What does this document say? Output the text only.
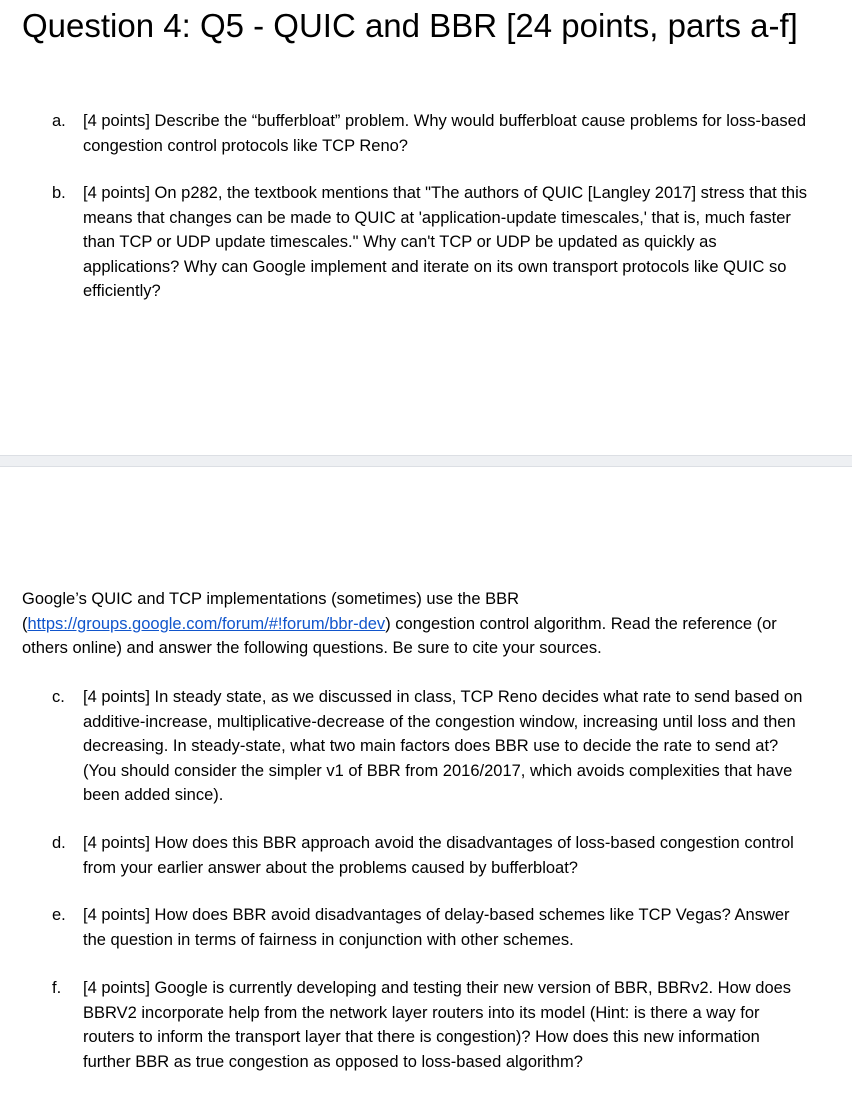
Question 4: Q5 - QUIC and BBR [24 points, parts a-f]
a.	[4 points] Describe the “bufferbloat” problem. Why would bufferbloat cause problems for loss-based congestion control protocols like TCP Reno?
b.	[4 points] On p282, the textbook mentions that "The authors of QUIC [Langley 2017] stress that this means that changes can be made to QUIC at 'application-update timescales,' that is, much faster than TCP or UDP update timescales." Why can't TCP or UDP be updated as quickly as applications? Why can Google implement and iterate on its own transport protocols like QUIC so efficiently?
Google’s QUIC and TCP implementations (sometimes) use the BBR (https://groups.google.com/forum/#!forum/bbr-dev) congestion control algorithm. Read the reference (or others online) and answer the following questions. Be sure to cite your sources.
c.	[4 points] In steady state, as we discussed in class, TCP Reno decides what rate to send based on additive-increase, multiplicative-decrease of the congestion window, increasing until loss and then decreasing. In steady-state, what two main factors does BBR use to decide the rate to send at? (You should consider the simpler v1 of BBR from 2016/2017, which avoids complexities that have been added since).
d.	[4 points] How does this BBR approach avoid the disadvantages of loss-based congestion control from your earlier answer about the problems caused by bufferbloat?
e.	[4 points] How does BBR avoid disadvantages of delay-based schemes like TCP Vegas? Answer the question in terms of fairness in conjunction with other schemes.
f.	[4 points] Google is currently developing and testing their new version of BBR, BBRv2. How does BBRV2 incorporate help from the network layer routers into its model (Hint: is there a way for routers to inform the transport layer that there is congestion)? How does this new information further BBR as true congestion as opposed to loss-based algorithm?
